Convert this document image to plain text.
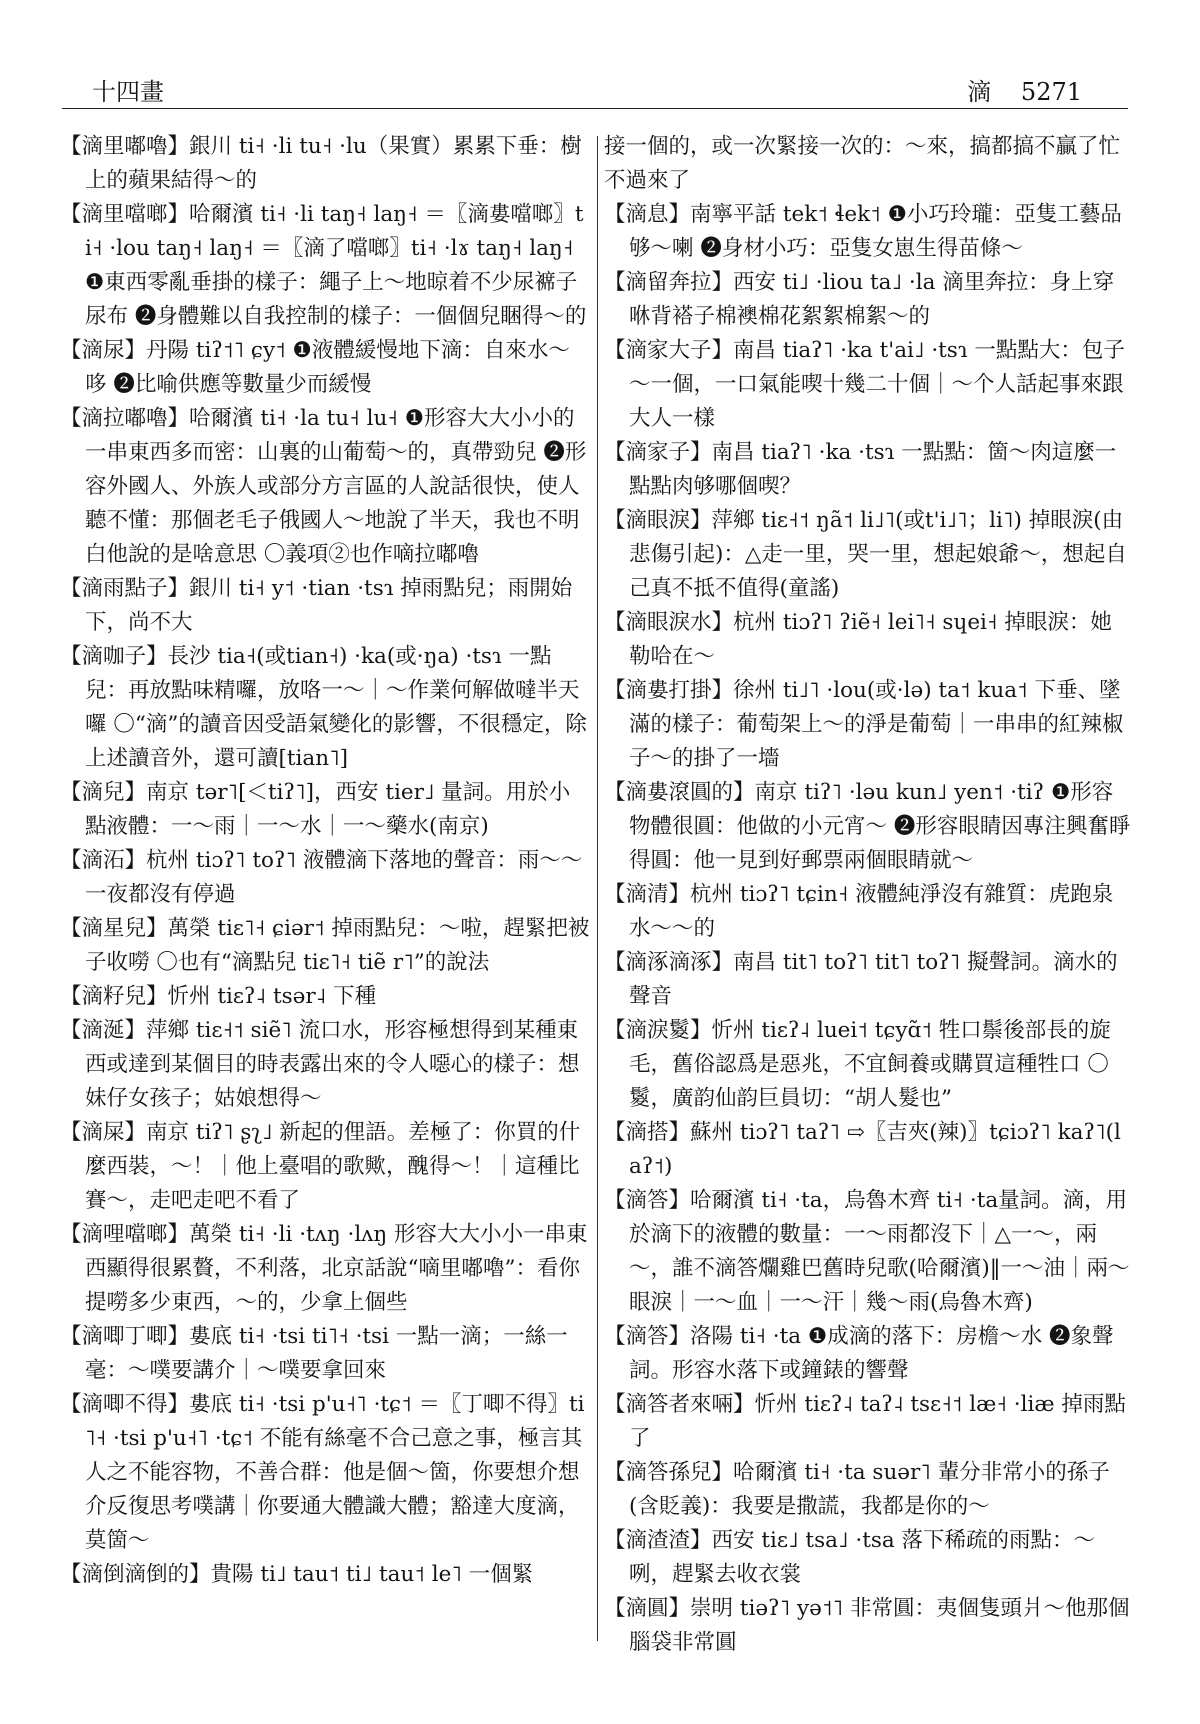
十四畫	滴 5271
【滴里嘟嚕】銀川 ti˧ ·li tu˧ ·lu（果實）累累下垂：樹上的蘋果結得～的
【滴里噹啷】哈爾濱 ti˧ ·li taŋ˧ laŋ˧ ＝〖滴婁噹啷〗ti˧ ·lou taŋ˧ laŋ˧ ＝〖滴了噹啷〗ti˧ ·lɤ taŋ˧ laŋ˧ ❶東西零亂垂掛的樣子：繩子上～地晾着不少尿褯子尿布 ❷身體難以自我控制的樣子：一個個兒睏得～的
【滴尿】丹陽 tiʔ˦˥ ɕy˦ ❶液體緩慢地下滴：自來水～哆 ❷比喻供應等數量少而緩慢
【滴拉嘟嚕】哈爾濱 ti˧ ·la tu˧ lu˧ ❶形容大大小小的一串東西多而密：山裏的山葡萄～的，真帶勁兒 ❷形容外國人、外族人或部分方言區的人說話很快，使人聽不懂：那個老毛子俄國人～地說了半天，我也不明白他說的是啥意思 〇義項②也作嘀拉嘟嚕
【滴雨點子】銀川 ti˧ y˦ ·tian ·tsɿ 掉雨點兒；雨開始下，尚不大
【滴咖子】長沙 tia˧(或tian˧) ·ka(或·ŋa) ·tsɿ 一點兒：再放點味精囉，放咯一～｜～作業何解做噠半天囉 〇“滴”的讀音因受語氣變化的影響，不很穩定，除上述讀音外，還可讀[tian˥]
【滴兒】南京 tər˥[＜tiʔ˥]，西安 tier˩ 量詞。用於小點液體：一～雨｜一～水｜一～藥水(南京)
【滴沰】杭州 tiɔʔ˥ toʔ˥ 液體滴下落地的聲音：雨～～一夜都沒有停過
【滴星兒】萬榮 tiɛ˥˧ ɕiər˦ 掉雨點兒：～啦，趕緊把被子收嘮 〇也有“滴點兒 tiɛ˥˧ tiẽ r˥”的說法
【滴籽兒】忻州 tiɛʔ˨ tsər˨ 下種
【滴涎】萍鄉 tiɛ˧˦ siẽ˥ 流口水，形容極想得到某種東西或達到某個目的時表露出來的令人噁心的樣子：想妹仔女孩子；姑娘想得～
【滴屎】南京 tiʔ˥ ʂʅ˩ 新起的俚語。差極了：你買的什麼西裝，～！｜他上臺唱的歌歟，醜得～！｜這種比賽～，走吧走吧不看了
【滴哩噹啷】萬榮 ti˧ ·li ·tʌŋ ·lʌŋ 形容大大小小一串東西顯得很累贅，不利落，北京話說“嘀里嘟嚕”：看你提嘮多少東西，～的，少拿上個些
【滴唧丁唧】婁底 ti˧ ·tsi ti˥˧ ·tsi 一點一滴；一絲一毫：～噗要講介｜～噗要拿回來
【滴唧不得】婁底 ti˧ ·tsi p'u˧˥ ·tɕ˦ ＝〖丁唧不得〗ti˥˧ ·tsi p'u˧˥ ·tɕ˦ 不能有絲毫不合己意之事，極言其人之不能容物，不善合群：他是個～箇，你要想介想介反復思考噗講｜你要通大體識大體；豁達大度滴，莫箇～
【滴倒滴倒的】貴陽 ti˩ tau˦ ti˩ tau˦ le˥ 一個緊
接一個的，或一次緊接一次的：～來，搞都搞不贏了忙不過來了
【滴息】南寧平話 tek˦ ɬek˦ ❶小巧玲瓏：亞隻工藝品够～喇 ❷身材小巧：亞隻女崽生得苗條～
【滴留奔拉】西安 ti˩ ·liou ta˩ ·la 滴里奔拉：身上穿咻背褡子棉襖棉花絮絮棉絮～的
【滴家大子】南昌 tiaʔ˥ ·ka t'ai˩ ·tsɿ 一點點大：包子～一個，一口氣能喫十幾二十個｜～个人話起事來跟大人一樣
【滴家子】南昌 tiaʔ˥ ·ka ·tsɿ 一點點：箇～肉這麼一點點肉够哪個喫？
【滴眼淚】萍鄉 tiɛ˧˦ ŋã˦ li˩˥(或t'i˩˥；li˥) 掉眼淚(由悲傷引起)：△走一里，哭一里，想起娘爺～，想起自己真不抵不值得(童謠)
【滴眼淚水】杭州 tiɔʔ˥ ʔiẽ˧ lei˥˧ sɥei˧ 掉眼淚：她勒哈在～
【滴婁打掛】徐州 ti˩˥ ·lou(或·lə) ta˦ kua˦ 下垂、墜滿的樣子：葡萄架上～的淨是葡萄｜一串串的紅辣椒子～的掛了一墻
【滴婁滾圓的】南京 tiʔ˥ ·ləu kun˩ yen˦ ·tiʔ ❶形容物體很圓：他做的小元宵～ ❷形容眼睛因專注興奮睜得圓：他一見到好郵票兩個眼睛就～
【滴清】杭州 tiɔʔ˥ tɕin˧ 液體純淨沒有雜質：虎跑泉水～～的
【滴涿滴涿】南昌 tit˥ toʔ˥ tit˥ toʔ˥ 擬聲詞。滴水的聲音
【滴淚鬉】忻州 tiɛʔ˨ luei˦ tɕyɑ̃˦ 牲口鬃後部長的旋毛，舊俗認爲是惡兆，不宜飼養或購買這種牲口 〇鬉，廣韵仙韵巨員切：“胡人髮也”
【滴搭】蘇州 tiɔʔ˥ taʔ˥ ⇨〖吉夾(辣)〗tɕiɔʔ˥ kaʔ˥(laʔ˦)
【滴答】哈爾濱 ti˧ ·ta，烏魯木齊 ti˧ ·ta量詞。滴，用於滴下的液體的數量：一～雨都沒下｜△一～，兩～，誰不滴答爛雞巴舊時兒歌(哈爾濱)‖一～油｜兩～眼淚｜一～血｜一～汗｜幾～雨(烏魯木齊)
【滴答】洛陽 ti˧ ·ta ❶成滴的落下：房檐～水 ❷象聲詞。形容水落下或鐘錶的響聲
【滴答者來啢】忻州 tiɛʔ˨ taʔ˨ tsɛ˧˦ læ˧ ·liæ 掉雨點了
【滴答孫兒】哈爾濱 ti˧ ·ta suər˥ 輩分非常小的孫子(含貶義)：我要是撒謊，我都是你的～
【滴渣渣】西安 tiɛ˩ tsa˩ ·tsa 落下稀疏的雨點：～咧，趕緊去收衣裳
【滴圓】崇明 tiəʔ˥ yə˦˥ 非常圓：夷個隻頭爿～他那個腦袋非常圓
